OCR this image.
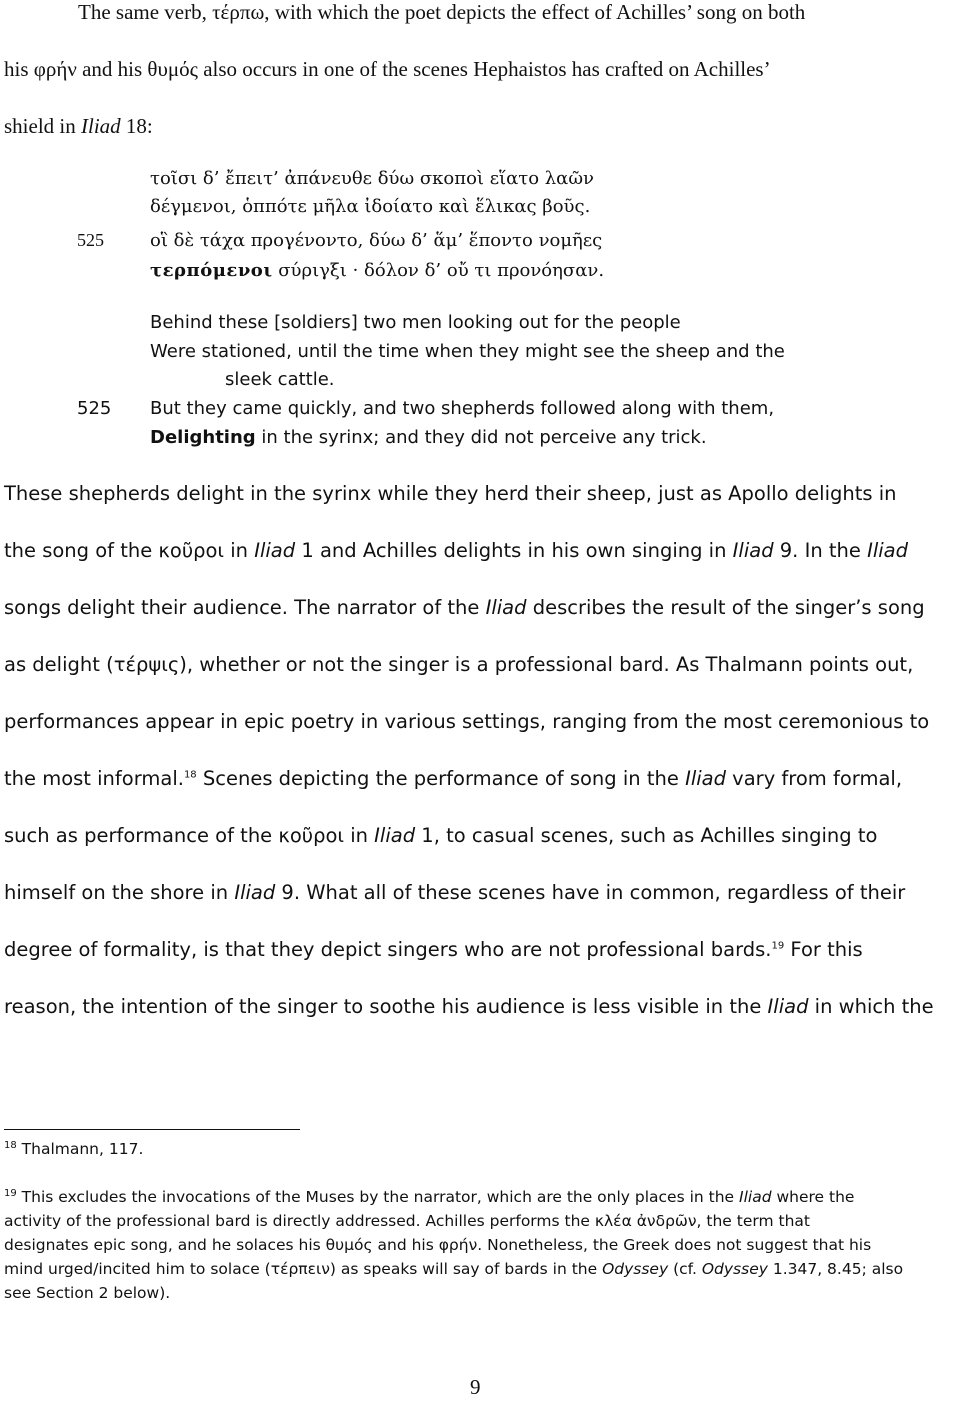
The same verb, τέρπω, with which the poet depicts the effect of Achilles’ song on both
his φρήν and his θυμός also occurs in one of the scenes Hephaistos has crafted on Achilles’
shield in Iliad 18:
τοῖσι δ’ ἔπειτ’ ἀπάνευθε δύω σκοποὶ εἵατο λαῶν
δέγμενοι, ὁππότε μῆλα ἰδοίατο καὶ ἕλικας βοῦς.
525	οἳ δὲ τάχα προγένοντο, δύω δ’ ἅμ’ ἕποντο νομῆες
τερπόμενοι σύριγξι · δόλον δ’ οὔ τι προνόησαν.
Behind these [soldiers] two men looking out for the people
Were stationed, until the time when they might see the sheep and the
sleek cattle.
525 But they came quickly, and two shepherds followed along with them,
Delighting in the syrinx; and they did not perceive any trick.
These shepherds delight in the syrinx while they herd their sheep, just as Apollo delights in
the song of the κοῦροι in Iliad 1 and Achilles delights in his own singing in Iliad 9. In the Iliad
songs delight their audience. The narrator of the Iliad describes the result of the singer’s song
as delight (τέρψις), whether or not the singer is a professional bard. As Thalmann points out,
performances appear in epic poetry in various settings, ranging from the most ceremonious to
the most informal.$^{18}$ Scenes depicting the performance of song in the Iliad vary from formal,
such as performance of the κοῦροι in Iliad 1, to casual scenes, such as Achilles singing to
himself on the shore in Iliad 9. What all of these scenes have in common, regardless of their
degree of formality, is that they depict singers who are not professional bards.$^{19}$ For this
reason, the intention of the singer to soothe his audience is less visible in the Iliad in which the
$^{18}$ Thalmann, 117.
$^{19}$ This excludes the invocations of the Muses by the narrator, which are the only places in the Iliad where the
activity of the professional bard is directly addressed. Achilles performs the κλέα ἀνδρῶν, the term that
designates epic song, and he solaces his θυμός and his φρήν. Nonetheless, the Greek does not suggest that his
mind urged/incited him to solace (τέρπειν) as speaks will say of bards in the Odyssey (cf. Odyssey 1.347, 8.45; also
see Section 2 below).
9
